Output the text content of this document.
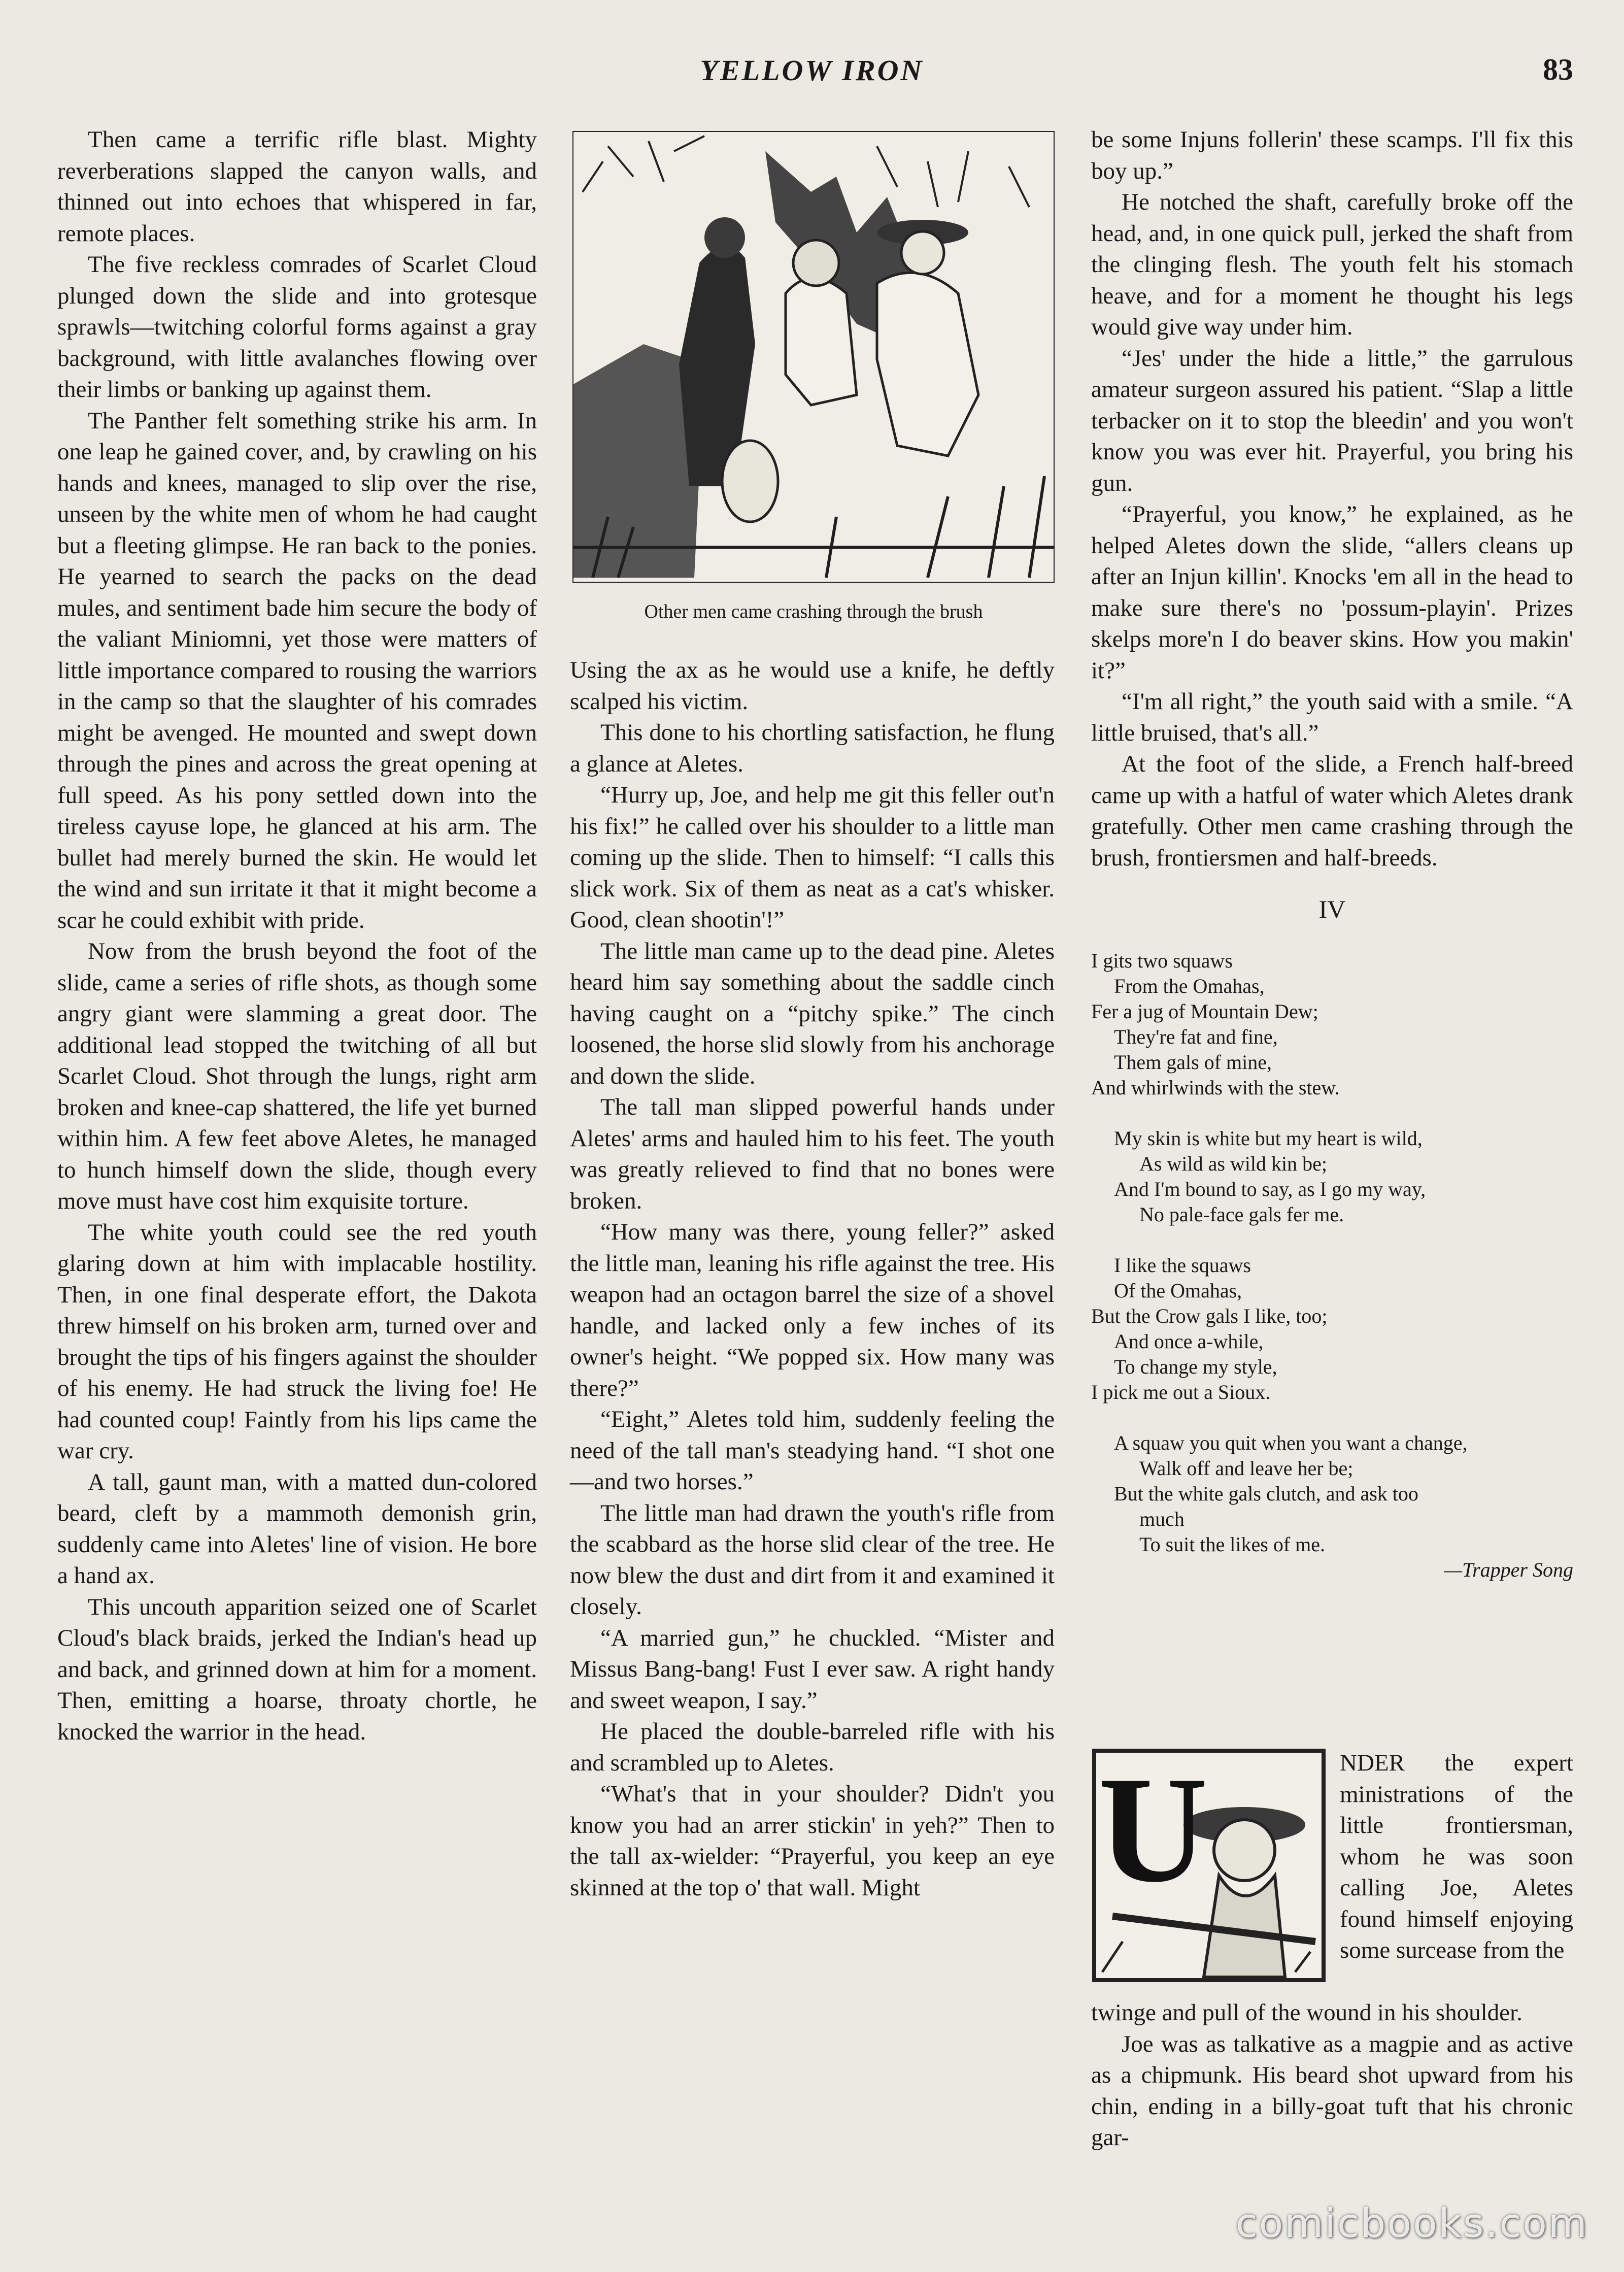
YELLOW IRON	83

Then came a terrific rifle blast. Mighty reverberations slapped the canyon walls, and thinned out into echoes that whispered in far, remote places.

The five reckless comrades of Scarlet Cloud plunged down the slide and into grotesque sprawls—twitching colorful forms against a gray background, with little avalanches flowing over their limbs or banking up against them.

The Panther felt something strike his arm. In one leap he gained cover, and, by crawling on his hands and knees, managed to slip over the rise, unseen by the white men of whom he had caught but a fleeting glimpse. He ran back to the ponies. He yearned to search the packs on the dead mules, and sentiment bade him secure the body of the valiant Miniomni, yet those were matters of little importance compared to rousing the warriors in the camp so that the slaughter of his comrades might be avenged. He mounted and swept down through the pines and across the great opening at full speed. As his pony settled down into the tireless cayuse lope, he glanced at his arm. The bullet had merely burned the skin. He would let the wind and sun irritate it that it might become a scar he could exhibit with pride.

Now from the brush beyond the foot of the slide, came a series of rifle shots, as though some angry giant were slamming a great door. The additional lead stopped the twitching of all but Scarlet Cloud. Shot through the lungs, right arm broken and knee-cap shattered, the life yet burned within him. A few feet above Aletes, he managed to hunch himself down the slide, though every move must have cost him exquisite torture.

The white youth could see the red youth glaring down at him with implacable hostility. Then, in one final desperate effort, the Dakota threw himself on his broken arm, turned over and brought the tips of his fingers against the shoulder of his enemy. He had struck the living foe! He had counted coup! Faintly from his lips came the war cry.

A tall, gaunt man, with a matted dun-colored beard, cleft by a mammoth demonish grin, suddenly came into Aletes' line of vision. He bore a hand ax.

This uncouth apparition seized one of Scarlet Cloud's black braids, jerked the Indian's head up and back, and grinned down at him for a moment. Then, emitting a hoarse, throaty chortle, he knocked the warrior in the head.

Other men came crashing through the brush

Using the ax as he would use a knife, he deftly scalped his victim.

This done to his chortling satisfaction, he flung a glance at Aletes.

“Hurry up, Joe, and help me git this feller out'n his fix!” he called over his shoulder to a little man coming up the slide. Then to himself: “I calls this slick work. Six of them as neat as a cat's whisker. Good, clean shootin'!”

The little man came up to the dead pine. Aletes heard him say something about the saddle cinch having caught on a “pitchy spike.” The cinch loosened, the horse slid slowly from his anchorage and down the slide.

The tall man slipped powerful hands under Aletes' arms and hauled him to his feet. The youth was greatly relieved to find that no bones were broken.

“How many was there, young feller?” asked the little man, leaning his rifle against the tree. His weapon had an octagon barrel the size of a shovel handle, and lacked only a few inches of its owner's height. “We popped six. How many was there?”

“Eight,” Aletes told him, suddenly feeling the need of the tall man's steadying hand. “I shot one—and two horses.”

The little man had drawn the youth's rifle from the scabbard as the horse slid clear of the tree. He now blew the dust and dirt from it and examined it closely.

“A married gun,” he chuckled. “Mister and Missus Bang-bang! Fust I ever saw. A right handy and sweet weapon, I say.”

He placed the double-barreled rifle with his and scrambled up to Aletes.

“What's that in your shoulder? Didn't you know you had an arrer stickin' in yeh?” Then to the tall ax-wielder: “Prayerful, you keep an eye skinned at the top o' that wall. Might

be some Injuns follerin' these scamps. I'll fix this boy up.”

He notched the shaft, carefully broke off the head, and, in one quick pull, jerked the shaft from the clinging flesh. The youth felt his stomach heave, and for a moment he thought his legs would give way under him.

“Jes' under the hide a little,” the garrulous amateur surgeon assured his patient. “Slap a little terbacker on it to stop the bleedin' and you won't know you was ever hit. Prayerful, you bring his gun.

“Prayerful, you know,” he explained, as he helped Aletes down the slide, “allers cleans up after an Injun killin'. Knocks 'em all in the head to make sure there's no 'possum-playin'. Prizes skelps more'n I do beaver skins. How you makin' it?”

“I'm all right,” the youth said with a smile. “A little bruised, that's all.”

At the foot of the slide, a French half-breed came up with a hatful of water which Aletes drank gratefully. Other men came crashing through the brush, frontiersmen and half-breeds.

IV
I gits two squaws
From the Omahas,
Fer a jug of Mountain Dew;
They're fat and fine,
Them gals of mine,
And whirlwinds with the stew.
My skin is white but my heart is wild,
As wild as wild kin be;
And I'm bound to say, as I go my way,
No pale-face gals fer me.
I like the squaws
Of the Omahas,
But the Crow gals I like, too;
And once a-while,
To change my style,
I pick me out a Sioux.
A squaw you quit when you want a change,
Walk off and leave her be;
But the white gals clutch, and ask too
much
To suit the likes of me.
—Trapper Song
U	NDER the expert ministrations of the little frontiersman, whom he was soon calling Joe, Aletes found himself enjoying some surcease from the

twinge and pull of the wound in his shoulder.

Joe was as talkative as a magpie and as active as a chipmunk. His beard shot upward from his chin, ending in a billy-goat tuft that his chronic gar-

comicbooks.com
